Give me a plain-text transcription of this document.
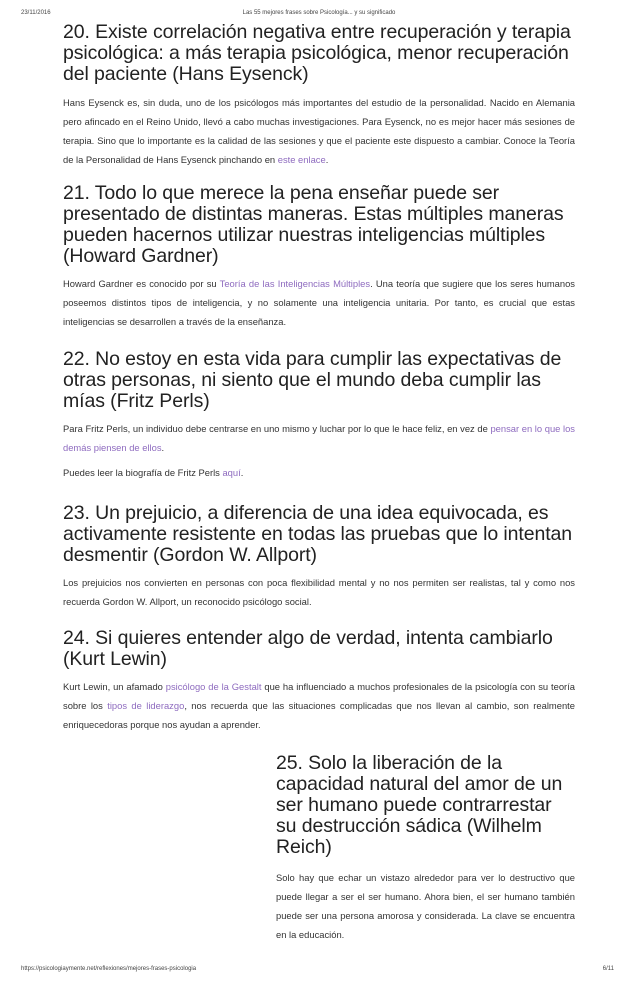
23/11/2016	Las 55 mejores frases sobre Psicología... y su significado
20. Existe correlación negativa entre recuperación y terapia psicológica: a más terapia psicológica, menor recuperación del paciente (Hans Eysenck)

Hans Eysenck es, sin duda, uno de los psicólogos más importantes del estudio de la personalidad. Nacido en Alemania pero afincado en el Reino Unido, llevó a cabo muchas investigaciones. Para Eysenck, no es mejor hacer más sesiones de terapia. Sino que lo importante es la calidad de las sesiones y que el paciente este dispuesto a cambiar. Conoce la Teoría de la Personalidad de Hans Eysenck pinchando en este enlace.

21. Todo lo que merece la pena enseñar puede ser presentado de distintas maneras. Estas múltiples maneras pueden hacernos utilizar nuestras inteligencias múltiples (Howard Gardner)

Howard Gardner es conocido por su Teoría de las Inteligencias Múltiples. Una teoría que sugiere que los seres humanos poseemos distintos tipos de inteligencia, y no solamente una inteligencia unitaria. Por tanto, es crucial que estas inteligencias se desarrollen a través de la enseñanza.

22. No estoy en esta vida para cumplir las expectativas de otras personas, ni siento que el mundo deba cumplir las mías (Fritz Perls)

Para Fritz Perls, un individuo debe centrarse en uno mismo y luchar por lo que le hace feliz, en vez de pensar en lo que los demás piensen de ellos.

Puedes leer la biografía de Fritz Perls aquí.

23. Un prejuicio, a diferencia de una idea equivocada, es activamente resistente en todas las pruebas que lo intentan desmentir (Gordon W. Allport)

Los prejuicios nos convierten en personas con poca flexibilidad mental y no nos permiten ser realistas, tal y como nos recuerda Gordon W. Allport, un reconocido psicólogo social.

24. Si quieres entender algo de verdad, intenta cambiarlo (Kurt Lewin)

Kurt Lewin, un afamado psicólogo de la Gestalt que ha influenciado a muchos profesionales de la psicología con su teoría sobre los tipos de liderazgo, nos recuerda que las situaciones complicadas que nos llevan al cambio, son realmente enriquecedoras porque nos ayudan a aprender.

25. Solo la liberación de la capacidad natural del amor de un ser humano puede contrarrestar su destrucción sádica (Wilhelm Reich)

Solo hay que echar un vistazo alrededor para ver lo destructivo que puede llegar a ser el ser humano. Ahora bien, el ser humano también puede ser una persona amorosa y considerada. La clave se encuentra en la educación.

https://psicologiaymente.net/reflexiones/mejores-frases-psicologia	6/11
